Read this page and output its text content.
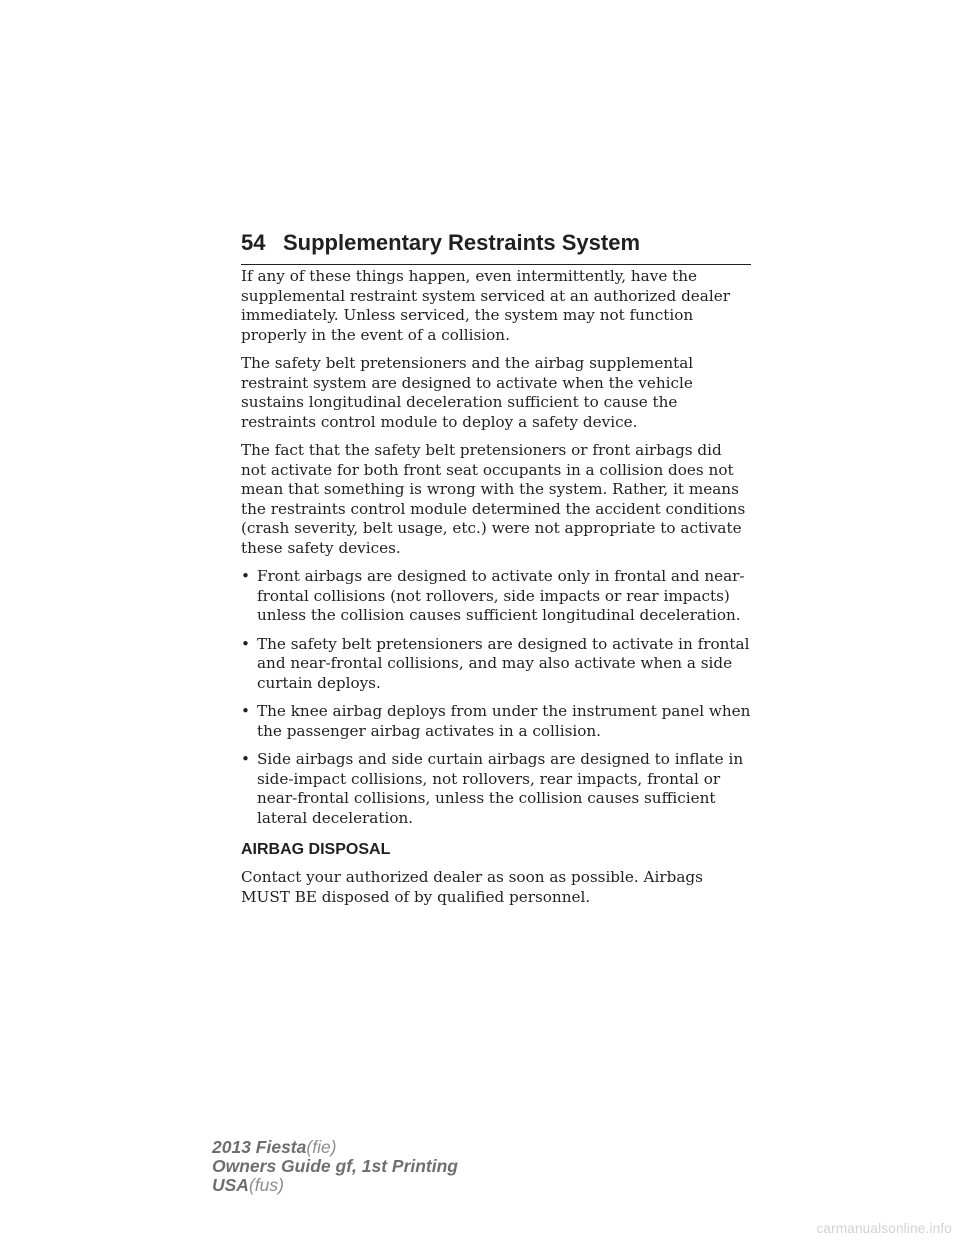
54 Supplementary Restraints System

If any of these things happen, even intermittently, have the supplemental restraint system serviced at an authorized dealer immediately. Unless serviced, the system may not function properly in the event of a collision.

The safety belt pretensioners and the airbag supplemental restraint system are designed to activate when the vehicle sustains longitudinal deceleration sufficient to cause the restraints control module to deploy a safety device.

The fact that the safety belt pretensioners or front airbags did not activate for both front seat occupants in a collision does not mean that something is wrong with the system. Rather, it means the restraints control module determined the accident conditions (crash severity, belt usage, etc.) were not appropriate to activate these safety devices.

• Front airbags are designed to activate only in frontal and near-frontal collisions (not rollovers, side impacts or rear impacts) unless the collision causes sufficient longitudinal deceleration.
• The safety belt pretensioners are designed to activate in frontal and near-frontal collisions, and may also activate when a side curtain deploys.
• The knee airbag deploys from under the instrument panel when the passenger airbag activates in a collision.
• Side airbags and side curtain airbags are designed to inflate in side-impact collisions, not rollovers, rear impacts, frontal or near-frontal collisions, unless the collision causes sufficient lateral deceleration.
AIRBAG DISPOSAL

Contact your authorized dealer as soon as possible. Airbags MUST BE disposed of by qualified personnel.

2013 Fiesta(fie)
Owners Guide gf, 1st Printing
USA(fus)
carmanualsonline.info
